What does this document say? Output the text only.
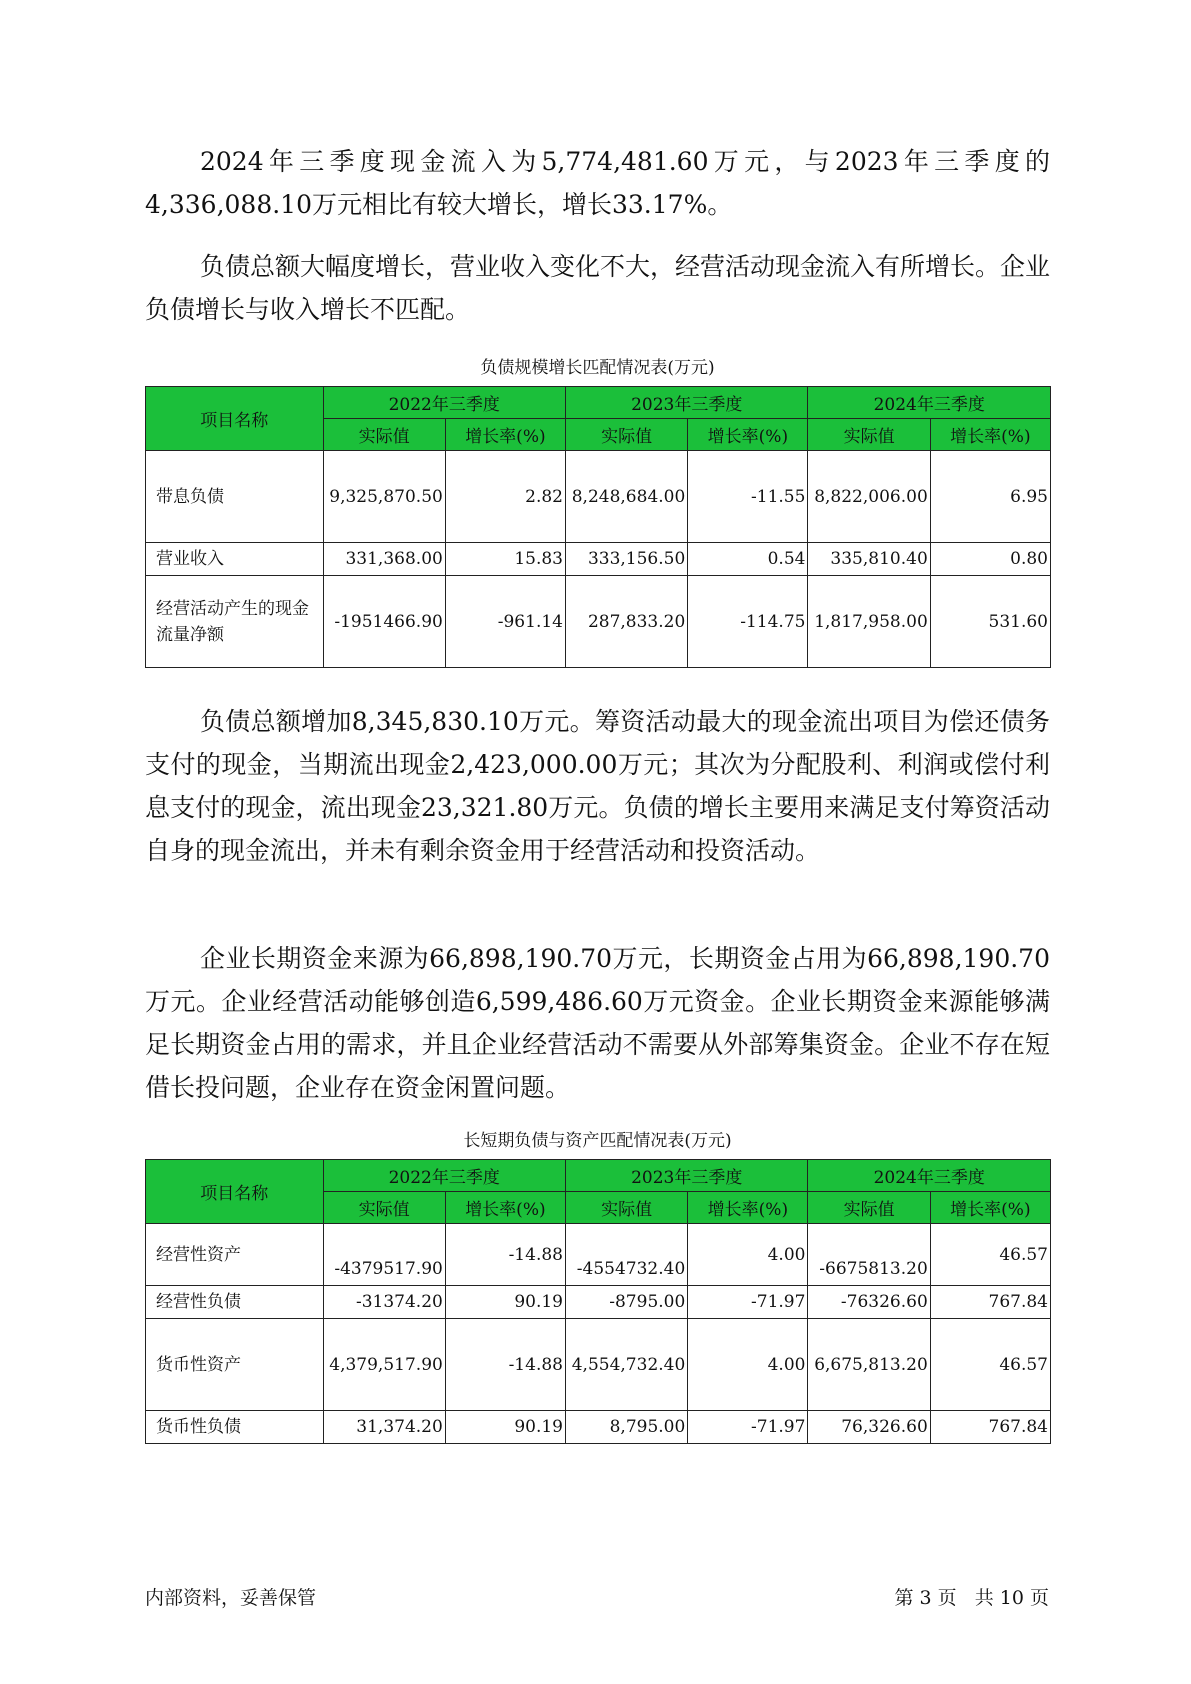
2024年三季度现金流入为5,774,481.60万元，与2023年三季度的4,336,088.10万元相比有较大增长，增长33.17%。

负债总额大幅度增长，营业收入变化不大，经营活动现金流入有所增长。企业负债增长与收入增长不匹配。

负债规模增长匹配情况表(万元)

项目名称	2022年三季度		2023年三季度		2024年三季度	
	实际值	增长率(%)	实际值	增长率(%)	实际值	增长率(%)
带息负债	9,325,870.50	2.82	8,248,684.00	-11.55	8,822,006.00	6.95
营业收入	331,368.00	15.83	333,156.50	0.54	335,810.40	0.80
经营活动产生的现金流量净额	-1951466.90	-961.14	287,833.20	-114.75	1,817,958.00	531.60

负债总额增加8,345,830.10万元。筹资活动最大的现金流出项目为偿还债务支付的现金，当期流出现金2,423,000.00万元；其次为分配股利、利润或偿付利息支付的现金，流出现金23,321.80万元。负债的增长主要用来满足支付筹资活动自身的现金流出，并未有剩余资金用于经营活动和投资活动。

企业长期资金来源为66,898,190.70万元，长期资金占用为66,898,190.70万元。企业经营活动能够创造6,599,486.60万元资金。企业长期资金来源能够满足长期资金占用的需求，并且企业经营活动不需要从外部筹集资金。企业不存在短借长投问题，企业存在资金闲置问题。

长短期负债与资产匹配情况表(万元)

项目名称	2022年三季度		2023年三季度		2024年三季度	
	实际值	增长率(%)	实际值	增长率(%)	实际值	增长率(%)
经营性资产	-4379517.90	-14.88	-4554732.40	4.00	-6675813.20	46.57
经营性负债	-31374.20	90.19	-8795.00	-71.97	-76326.60	767.84
货币性资产	4,379,517.90	-14.88	4,554,732.40	4.00	6,675,813.20	46.57
货币性负债	31,374.20	90.19	8,795.00	-71.97	76,326.60	767.84
内部资料，妥善保管	第 3 页   共 10 页
